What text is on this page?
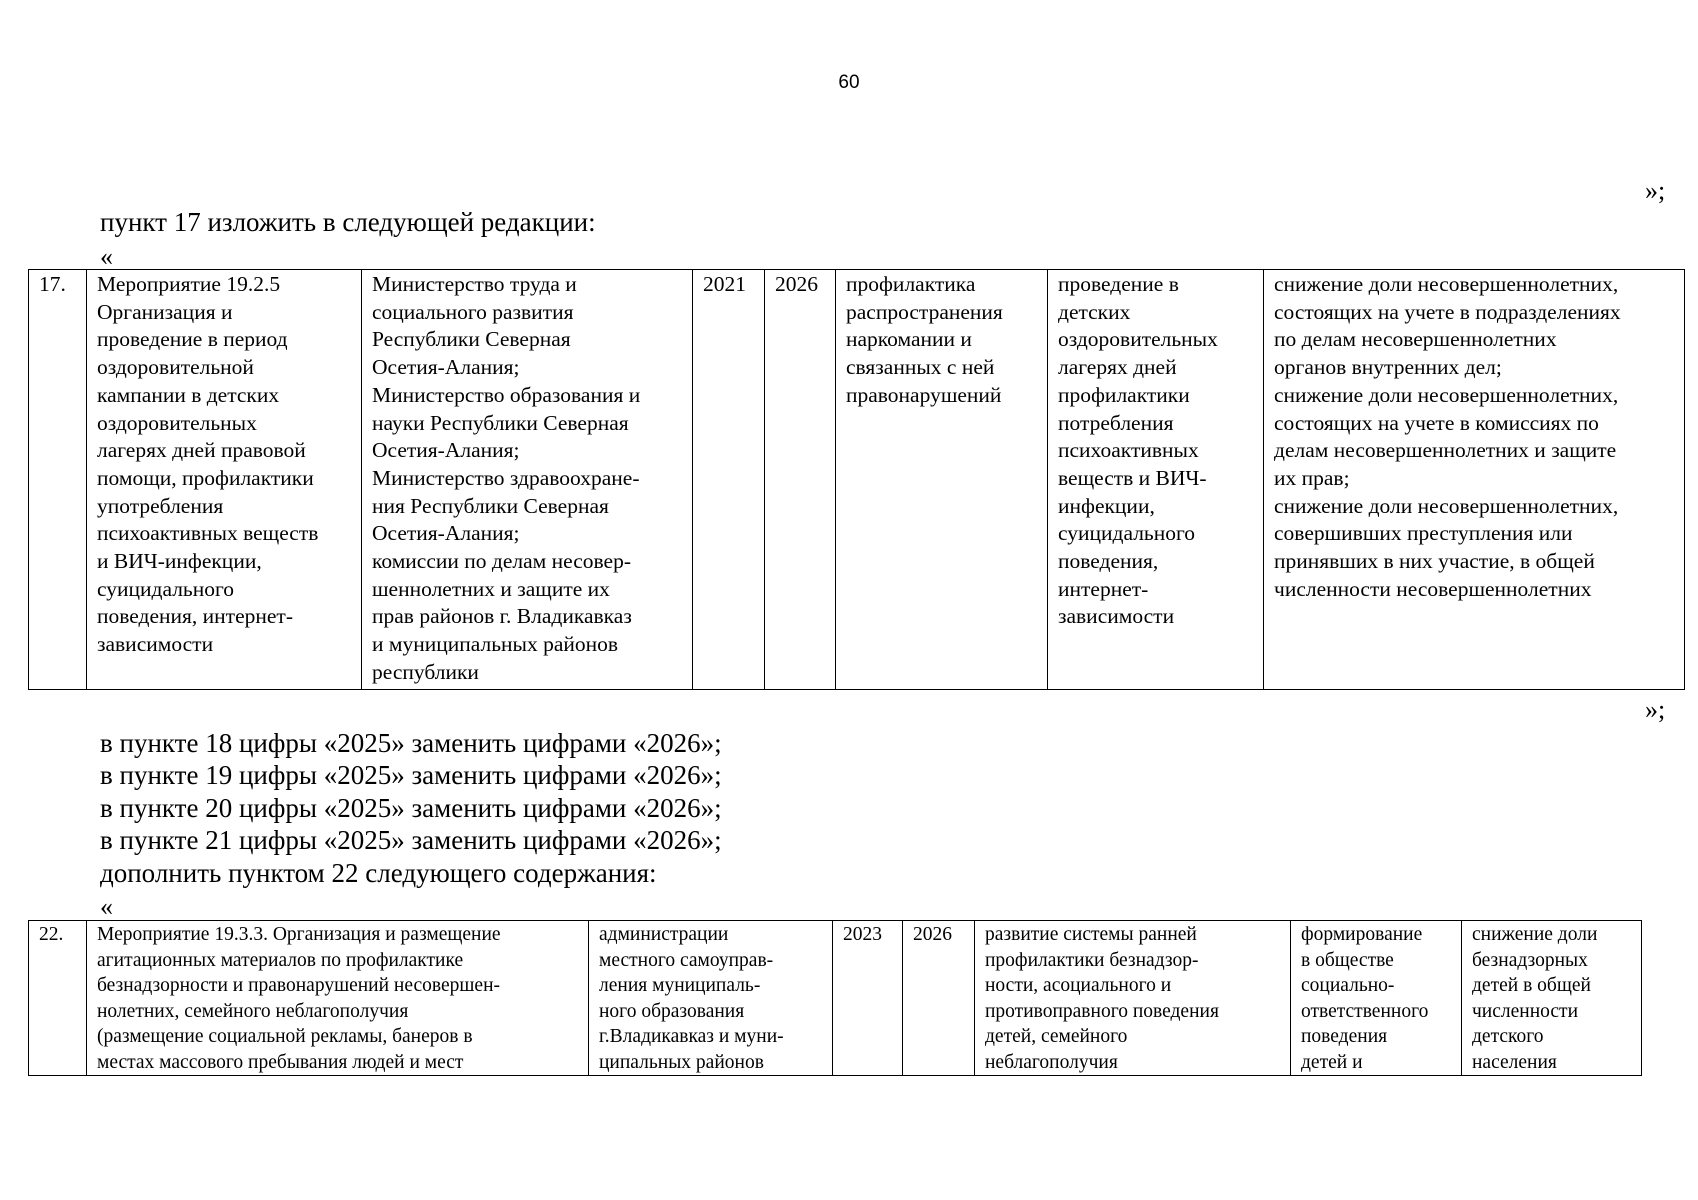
60
»;
пункт 17 изложить в следующей редакции:
«
17.	Мероприятие 19.2.5
Организация и
проведение в период
оздоровительной
кампании в детских
оздоровительных
лагерях дней правовой
помощи, профилактики
употребления
психоактивных веществ
и ВИЧ-инфекции,
суицидального
поведения, интернет-
зависимости	Министерство труда и
социального развития
Республики Северная
Осетия-Алания;
Министерство образования и
науки Республики Северная
Осетия-Алания;
Министерство здравоохране-
ния Республики Северная
Осетия-Алания;
комиссии по делам несовер-
шеннолетних и защите их
прав районов г. Владикавказ
и муниципальных районов
республики	2021	2026	профилактика
распространения
наркомании и
связанных с ней
правонарушений	проведение в
детских
оздоровительных
лагерях дней
профилактики
потребления
психоактивных
веществ и ВИЧ-
инфекции,
суицидального
поведения,
интернет-
зависимости	снижение доли несовершеннолетних,
состоящих на учете в подразделениях
по делам несовершеннолетних
органов внутренних дел;
снижение доли несовершеннолетних,
состоящих на учете в комиссиях по
делам несовершеннолетних и защите
их прав;
снижение доли несовершеннолетних,
совершивших преступления или
принявших в них участие, в общей
численности несовершеннолетних
»;
в пункте 18 цифры «2025» заменить цифрами «2026»;
в пункте 19 цифры «2025» заменить цифрами «2026»;
в пункте 20 цифры «2025» заменить цифрами «2026»;
в пункте 21 цифры «2025» заменить цифрами «2026»;
дополнить пунктом 22 следующего содержания:
«
22.	Мероприятие 19.3.3. Организация и размещение
агитационных материалов по профилактике
безнадзорности и правонарушений несовершен-
нолетних, семейного неблагополучия
(размещение социальной рекламы, банеров в
местах массового пребывания людей и мест	администрации
местного самоуправ-
ления муниципаль-
ного образования
г.Владикавказ и муни-
ципальных районов	2023	2026	развитие системы ранней
профилактики безнадзор-
ности, асоциального и
противоправного поведения
детей, семейного
неблагополучия	формирование
в обществе
социально-
ответственного
поведения
детей и	снижение доли
безнадзорных
детей в общей
численности
детского
населения
